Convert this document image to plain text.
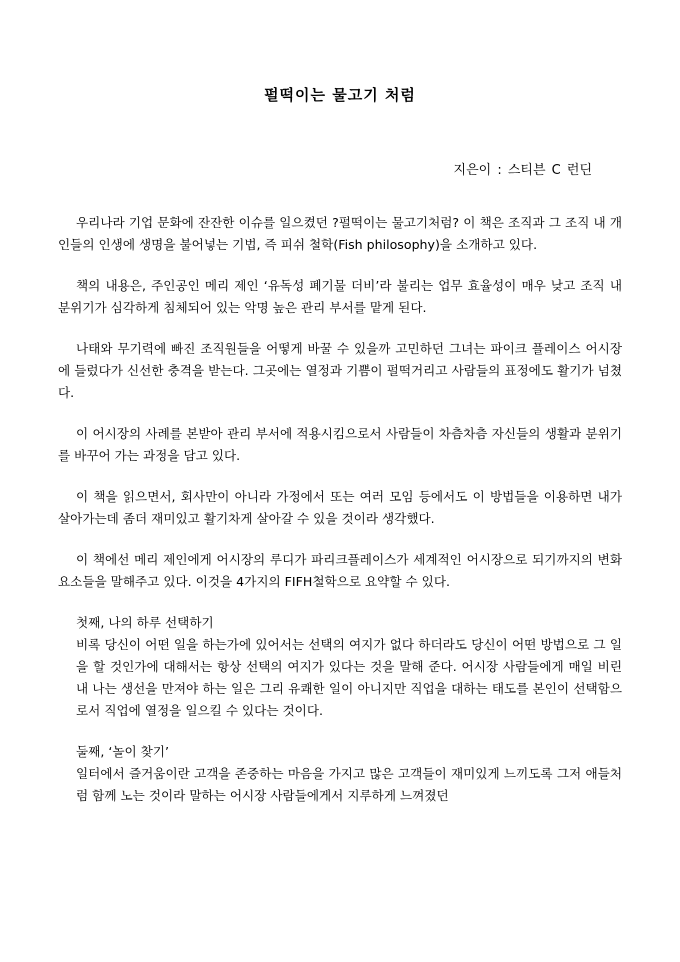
펄떡이는 물고기 처럼
지은이 : 스티븐 C 런딘

우리나라 기업 문화에 잔잔한 이슈를 일으켰던 ?펄떡이는 물고기처럼? 이 책은 조직과 그 조직 내 개인들의 인생에 생명을 불어넣는 기법, 즉 피쉬 철학(Fish philosophy)을 소개하고 있다.

책의 내용은, 주인공인 메리 제인 ‘유독성 폐기물 더비’라 불리는 업무 효율성이 매우 낮고 조직 내 분위기가 심각하게 침체되어 있는 악명 높은 관리 부서를 맡게 된다.

나태와 무기력에 빠진 조직원들을 어떻게 바꿀 수 있을까 고민하던 그녀는 파이크 플레이스 어시장에 들렀다가 신선한 충격을 받는다. 그곳에는 열정과 기쁨이 펄떡거리고 사람들의 표정에도 활기가 넘쳤다.

이 어시장의 사례를 본받아 관리 부서에 적용시킴으로서 사람들이 차츰차츰 자신들의 생활과 분위기를 바꾸어 가는 과정을 담고 있다.

이 책을 읽으면서, 회사만이 아니라 가정에서 또는 여러 모임 등에서도 이 방법들을 이용하면 내가 살아가는데 좀더 재미있고 활기차게 살아갈 수 있을 것이라 생각했다.

이 책에선 메리 제인에게 어시장의 루디가 파리크플레이스가 세계적인 어시장으로 되기까지의 변화요소들을 말해주고 있다. 이것을 4가지의 FIFH철학으로 요약할 수 있다.

첫째, 나의 하루 선택하기
비록 당신이 어떤 일을 하는가에 있어서는 선택의 여지가 없다 하더라도 당신이 어떤 방법으로 그 일을 할 것인가에 대해서는 항상 선택의 여지가 있다는 것을 말해 준다. 어시장 사람들에게 매일 비린내 나는 생선을 만져야 하는 일은 그리 유쾌한 일이 아니지만 직업을 대하는 태도를 본인이 선택함으로서 직업에 열정을 일으킬 수 있다는 것이다.
둘째, ‘놀이 찾기’
일터에서 즐거움이란 고객을 존중하는 마음을 가지고 많은 고객들이 재미있게 느끼도록 그저 애들처럼 함께 노는 것이라 말하는 어시장 사람들에게서 지루하게 느껴졌던
